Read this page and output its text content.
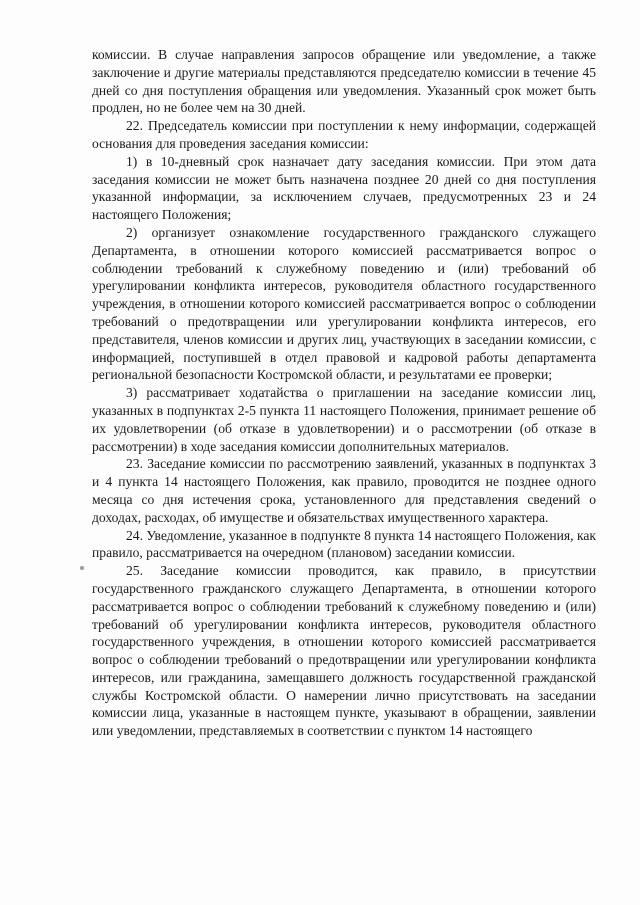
комиссии. В случае направления запросов обращение или уведомление, а также заключение и другие материалы представляются председателю комиссии в течение 45 дней со дня поступления обращения или уведомления. Указанный срок может быть продлен, но не более чем на 30 дней.

22. Председатель комиссии при поступлении к нему информации, содержащей основания для проведения заседания комиссии:

1) в 10-дневный срок назначает дату заседания комиссии. При этом дата заседания комиссии не может быть назначена позднее 20 дней со дня поступления указанной информации, за исключением случаев, предусмотренных 23 и 24 настоящего Положения;

2) организует ознакомление государственного гражданского служащего Департамента, в отношении которого комиссией рассматривается вопрос о соблюдении требований к служебному поведению и (или) требований об урегулировании конфликта интересов, руководителя областного государственного учреждения, в отношении которого комиссией рассматривается вопрос о соблюдении требований о предотвращении или урегулировании конфликта интересов, его представителя, членов комиссии и других лиц, участвующих в заседании комиссии, с информацией, поступившей в отдел правовой и кадровой работы департамента региональной безопасности Костромской области, и результатами ее проверки;

3) рассматривает ходатайства о приглашении на заседание комиссии лиц, указанных в подпунктах 2-5 пункта 11 настоящего Положения, принимает решение об их удовлетворении (об отказе в удовлетворении) и о рассмотрении (об отказе в рассмотрении) в ходе заседания комиссии дополнительных материалов.

23. Заседание комиссии по рассмотрению заявлений, указанных в подпунктах 3 и 4 пункта 14 настоящего Положения, как правило, проводится не позднее одного месяца со дня истечения срока, установленного для представления сведений о доходах, расходах, об имуществе и обязательствах имущественного характера.

24. Уведомление, указанное в подпункте 8 пункта 14 настоящего Положения, как правило, рассматривается на очередном (плановом) заседании комиссии.

25. Заседание комиссии проводится, как правило, в присутствии государственного гражданского служащего Департамента, в отношении которого рассматривается вопрос о соблюдении требований к служебному поведению и (или) требований об урегулировании конфликта интересов, руководителя областного государственного учреждения, в отношении которого комиссией рассматривается вопрос о соблюдении требований о предотвращении или урегулировании конфликта интересов, или гражданина, замещавшего должность государственной гражданской службы Костромской области. О намерении лично присутствовать на заседании комиссии лица, указанные в настоящем пункте, указывают в обращении, заявлении или уведомлении, представляемых в соответствии с пунктом 14 настоящего
